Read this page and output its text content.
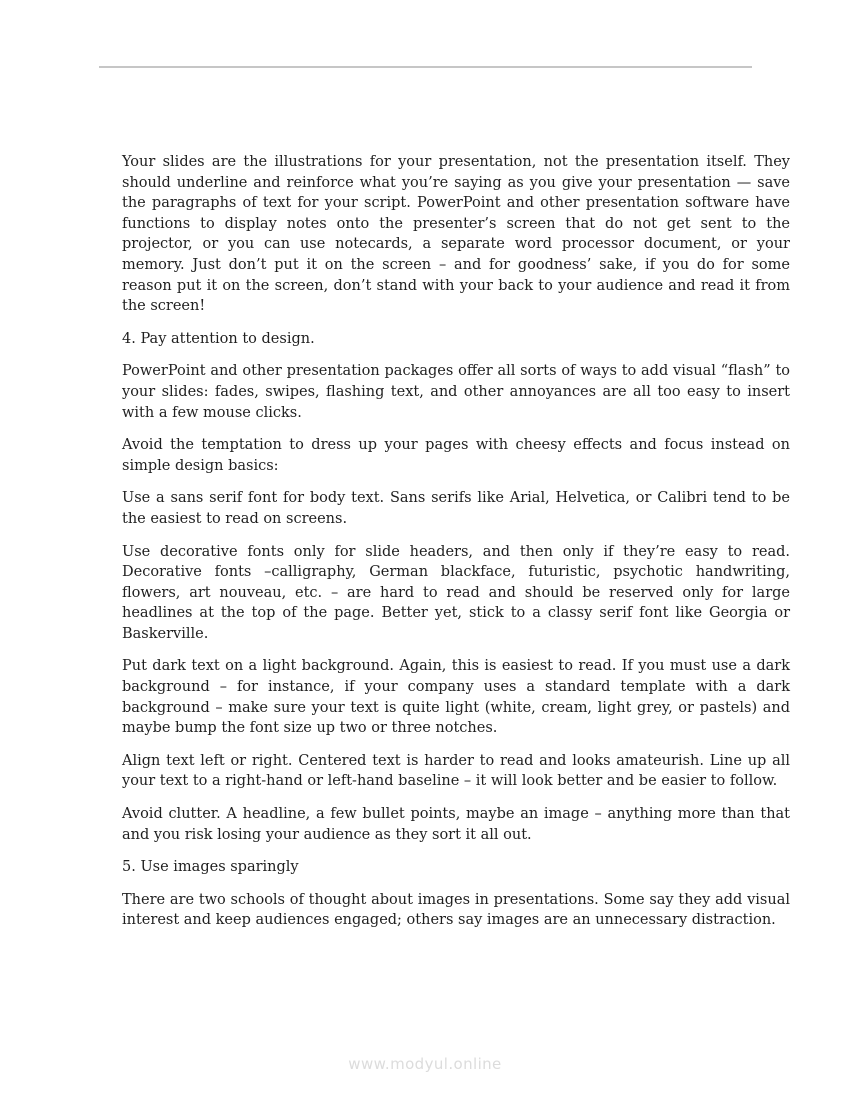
Your slides are the illustrations for your presentation, not the presentation itself. They should underline and reinforce what you’re saying as you give your presentation — save the paragraphs of text for your script. PowerPoint and other presentation software have functions to display notes onto the presenter’s screen that do not get sent to the projector, or you can use notecards, a separate word processor document, or your memory. Just don’t put it on the screen – and for goodness’ sake, if you do for some reason put it on the screen, don’t stand with your back to your audience and read it from the screen!

4. Pay attention to design.

PowerPoint and other presentation packages offer all sorts of ways to add visual “flash” to your slides: fades, swipes, flashing text, and other annoyances are all too easy to insert with a few mouse clicks.

Avoid the temptation to dress up your pages with cheesy effects and focus instead on simple design basics:

Use a sans serif font for body text. Sans serifs like Arial, Helvetica, or Calibri tend to be the easiest to read on screens.

Use decorative fonts only for slide headers, and then only if they’re easy to read. Decorative fonts –calligraphy, German blackface, futuristic, psychotic handwriting, flowers, art nouveau, etc. – are hard to read and should be reserved only for large headlines at the top of the page. Better yet, stick to a classy serif font like Georgia or Baskerville.

Put dark text on a light background. Again, this is easiest to read. If you must use a dark background – for instance, if your company uses a standard template with a dark background – make sure your text is quite light (white, cream, light grey, or pastels) and maybe bump the font size up two or three notches.

Align text left or right. Centered text is harder to read and looks amateurish. Line up all your text to a right-hand or left-hand baseline – it will look better and be easier to follow.

Avoid clutter. A headline, a few bullet points, maybe an image – anything more than that and you risk losing your audience as they sort it all out.

5. Use images sparingly

There are two schools of thought about images in presentations. Some say they add visual interest and keep audiences engaged; others say images are an unnecessary distraction.

www.modyul.online
